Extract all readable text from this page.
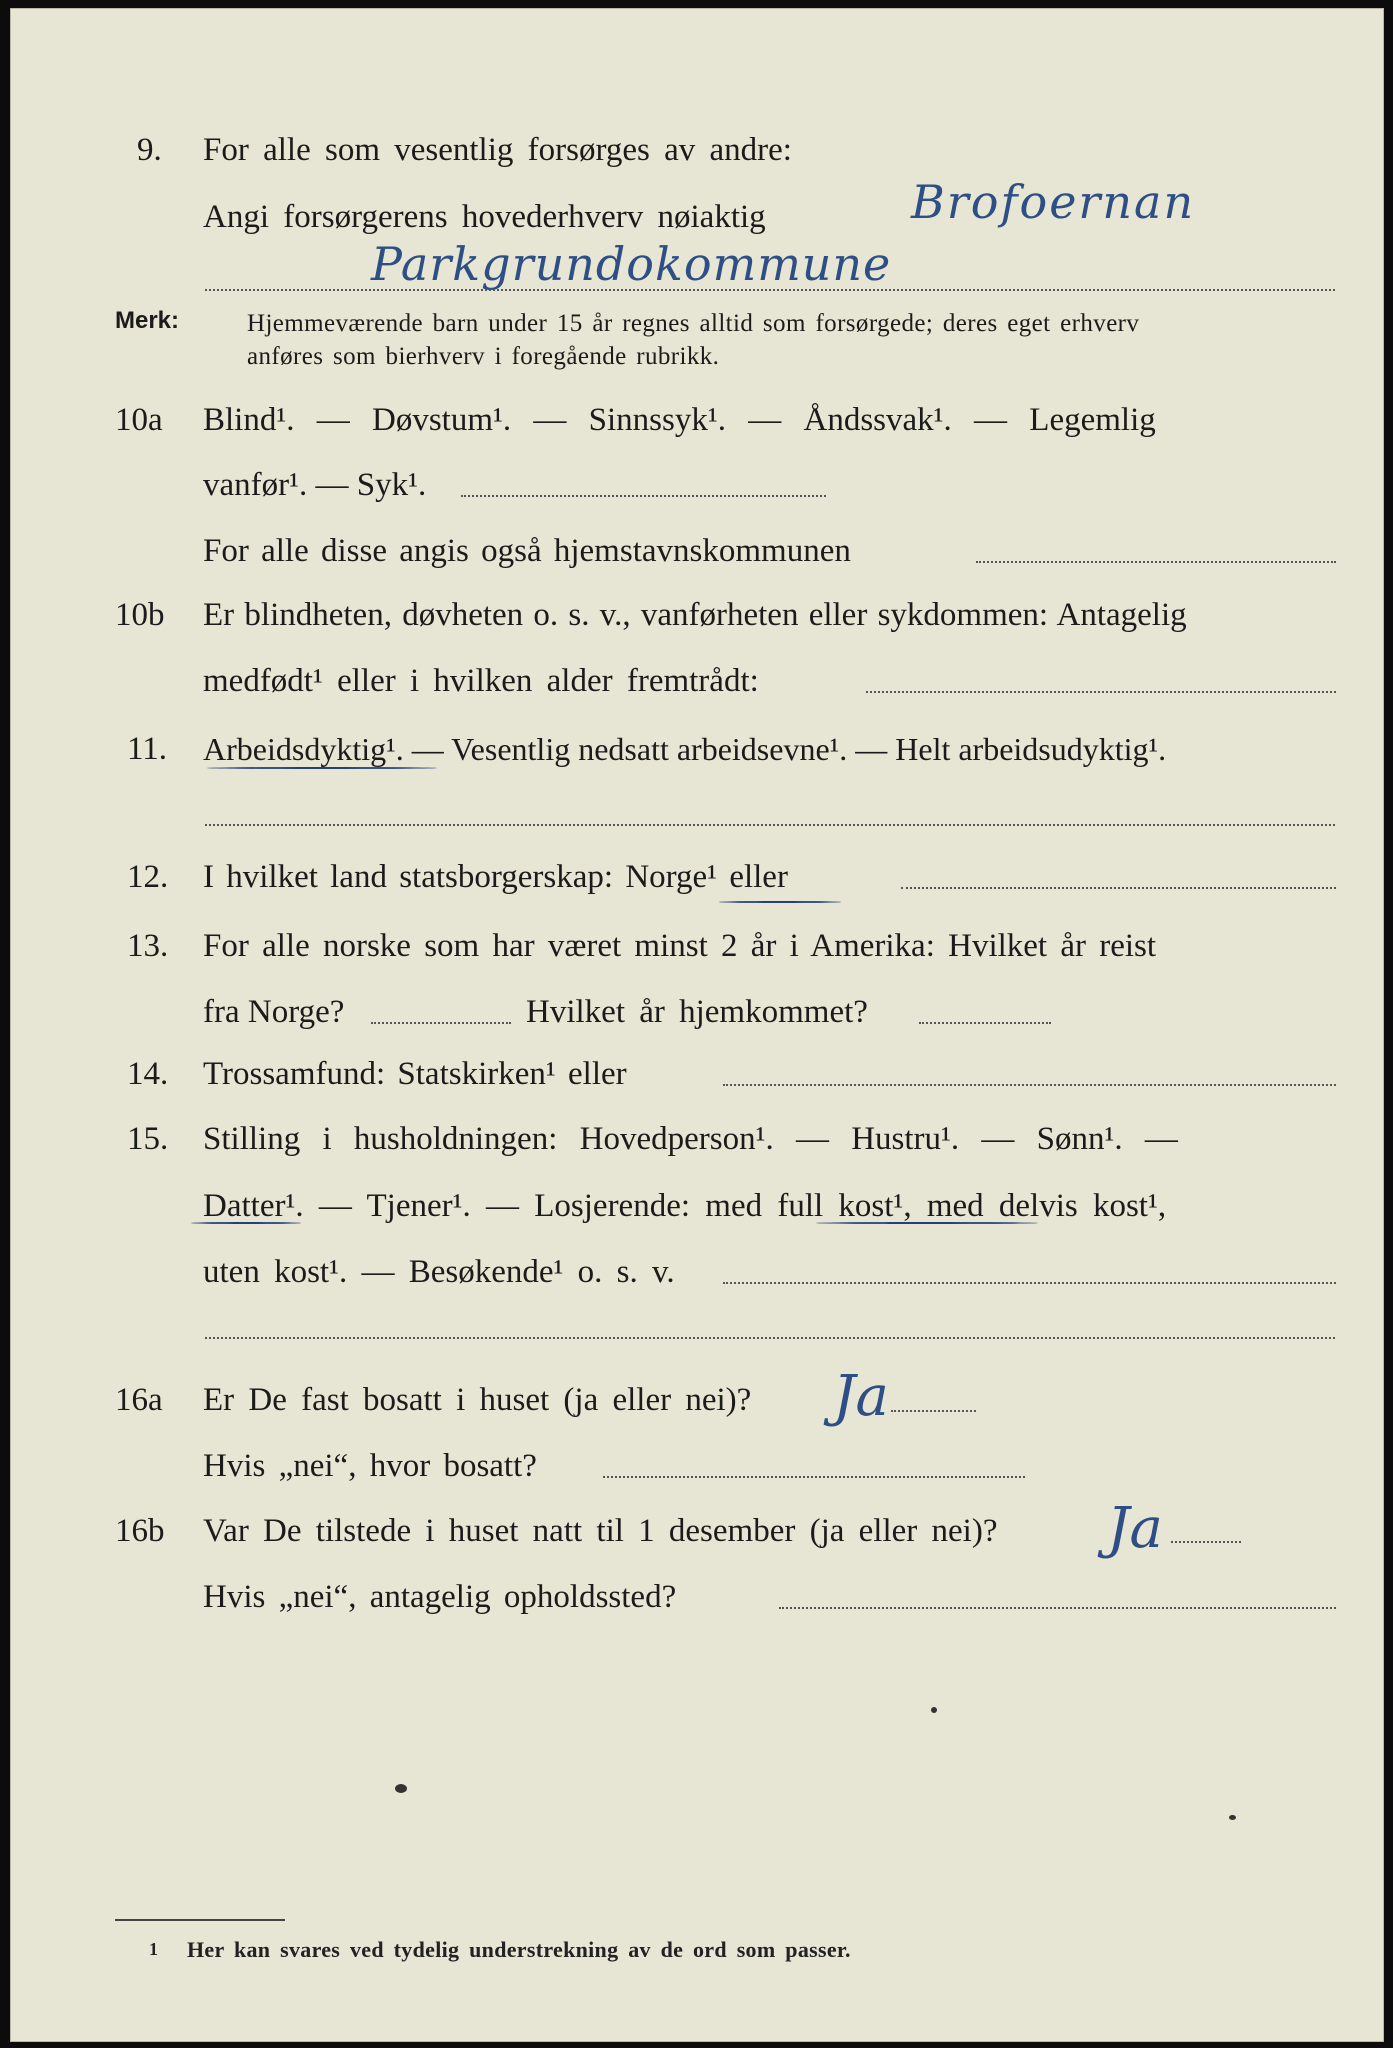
9. For alle som vesentlig forsørges av andre:
Angi forsørgerens hovederhverv nøiaktig	Brofoernan
Parkgrundokommune
Merk:	Hjemmeværende barn under 15 år regnes alltid som forsørgede; deres eget erhverv
anføres som bierhverv i foregående rubrikk.
10a Blind¹. — Døvstum¹. — Sinnssyk¹. — Åndssvak¹. — Legemlig
vanfør¹. — Syk¹.
For alle disse angis også hjemstavnskommunen
10b Er blindheten, døvheten o. s. v., vanførheten eller sykdommen: Antagelig
medfødt¹ eller i hvilken alder fremtrådt:
11. Arbeidsdyktig¹. — Vesentlig nedsatt arbeidsevne¹. — Helt arbeidsudyktig¹.
12. I hvilket land statsborgerskap: Norge¹ eller
13. For alle norske som har været minst 2 år i Amerika: Hvilket år reist
fra Norge?	Hvilket år hjemkommet?
14. Trossamfund: Statskirken¹ eller
15. Stilling i husholdningen: Hovedperson¹. — Hustru¹. — Sønn¹. —
Datter¹. — Tjener¹. — Losjerende: med full kost¹, med delvis kost¹,
uten kost¹. — Besøkende¹ o. s. v.
16a Er De fast bosatt i huset (ja eller nei)? Ja
Hvis „nei“, hvor bosatt?
16b Var De tilstede i huset natt til 1 desember (ja eller nei)? Ja
Hvis „nei“, antagelig opholdssted?
1 Her kan svares ved tydelig understrekning av de ord som passer.
